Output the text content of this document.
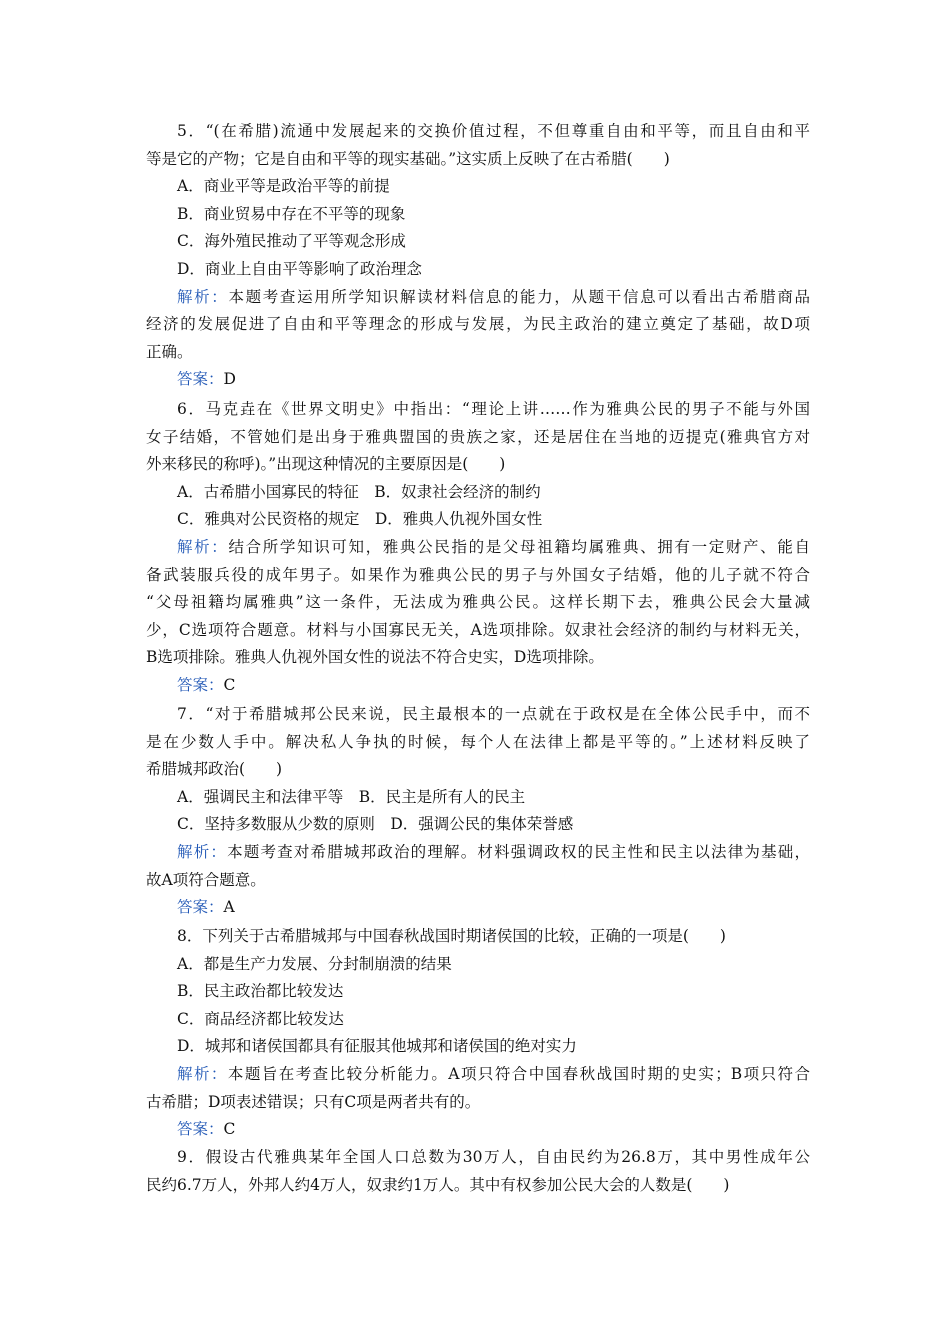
5．“(在希腊)流通中发展起来的交换价值过程，不但尊重自由和平等，而且自由和平
等是它的产物；它是自由和平等的现实基础。”这实质上反映了在古希腊(　　)
A．商业平等是政治平等的前提
B．商业贸易中存在不平等的现象
C．海外殖民推动了平等观念形成
D．商业上自由平等影响了政治理念
解析：本题考查运用所学知识解读材料信息的能力，从题干信息可以看出古希腊商品
经济的发展促进了自由和平等理念的形成与发展，为民主政治的建立奠定了基础，故D项
正确。
答案：D
6．马克垚在《世界文明史》中指出：“理论上讲……作为雅典公民的男子不能与外国
女子结婚，不管她们是出身于雅典盟国的贵族之家，还是居住在当地的迈提克(雅典官方对
外来移民的称呼)。”出现这种情况的主要原因是(　　)
A．古希腊小国寡民的特征　B．奴隶社会经济的制约
C．雅典对公民资格的规定　D．雅典人仇视外国女性
解析：结合所学知识可知，雅典公民指的是父母祖籍均属雅典、拥有一定财产、能自
备武装服兵役的成年男子。如果作为雅典公民的男子与外国女子结婚，他的儿子就不符合
“父母祖籍均属雅典”这一条件，无法成为雅典公民。这样长期下去，雅典公民会大量减
少，C选项符合题意。材料与小国寡民无关，A选项排除。奴隶社会经济的制约与材料无关，
B选项排除。雅典人仇视外国女性的说法不符合史实，D选项排除。
答案：C
7．“对于希腊城邦公民来说，民主最根本的一点就在于政权是在全体公民手中，而不
是在少数人手中。解决私人争执的时候，每个人在法律上都是平等的。”上述材料反映了
希腊城邦政治(　　)
A．强调民主和法律平等　B．民主是所有人的民主
C．坚持多数服从少数的原则　D．强调公民的集体荣誉感
解析：本题考查对希腊城邦政治的理解。材料强调政权的民主性和民主以法律为基础，
故A项符合题意。
答案：A
8．下列关于古希腊城邦与中国春秋战国时期诸侯国的比较，正确的一项是(　　)
A．都是生产力发展、分封制崩溃的结果
B．民主政治都比较发达
C．商品经济都比较发达
D．城邦和诸侯国都具有征服其他城邦和诸侯国的绝对实力
解析：本题旨在考查比较分析能力。A项只符合中国春秋战国时期的史实；B项只符合
古希腊；D项表述错误；只有C项是两者共有的。
答案：C
9．假设古代雅典某年全国人口总数为30万人，自由民约为26.8万，其中男性成年公
民约6.7万人，外邦人约4万人，奴隶约1万人。其中有权参加公民大会的人数是(　　)
